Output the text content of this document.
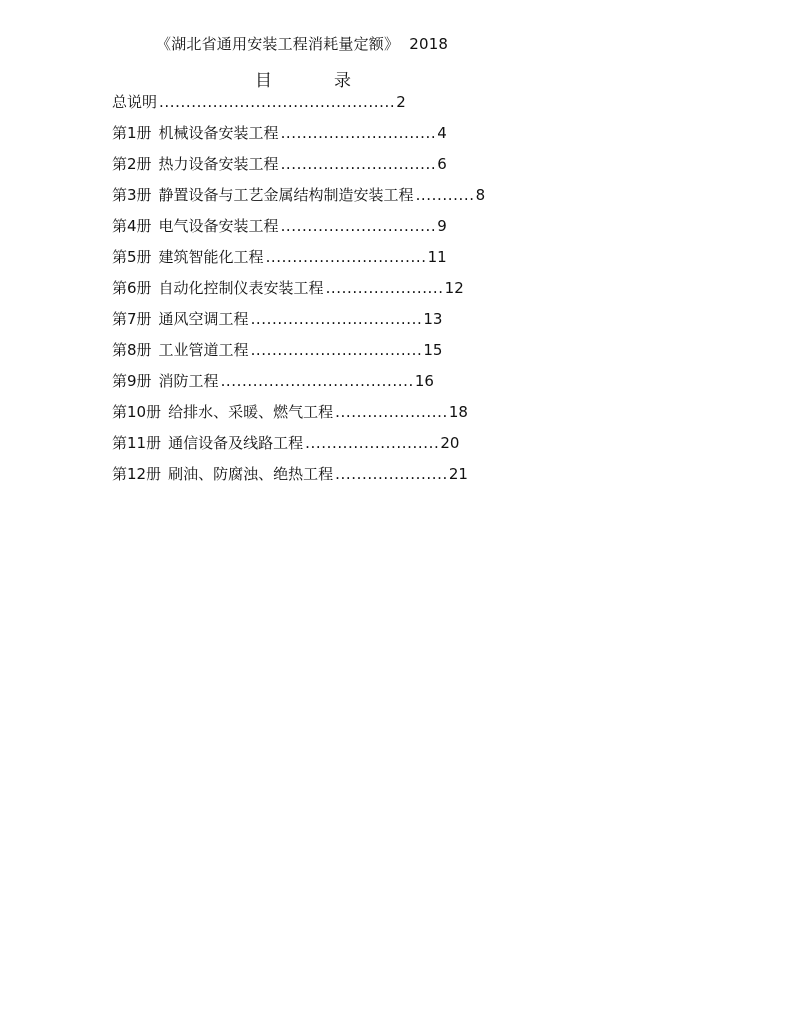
《湖北省通用安装工程消耗量定额》 2018
目	录
总说明 ............................................2
第1册 机械设备安装工程 .............................4
第2册 热力设备安装工程 .............................6
第3册 静置设备与工艺金属结构制造安装工程 ...........8
第4册 电气设备安装工程 .............................9
第5册 建筑智能化工程 ..............................11
第6册 自动化控制仪表安装工程 ......................12
第7册 通风空调工程 ................................13
第8册 工业管道工程 ................................15
第9册 消防工程 ....................................16
第10册 给排水、采暖、燃气工程 .....................18
第11册 通信设备及线路工程 .........................20
第12册 刷油、防腐浊、绝热工程 .....................21
